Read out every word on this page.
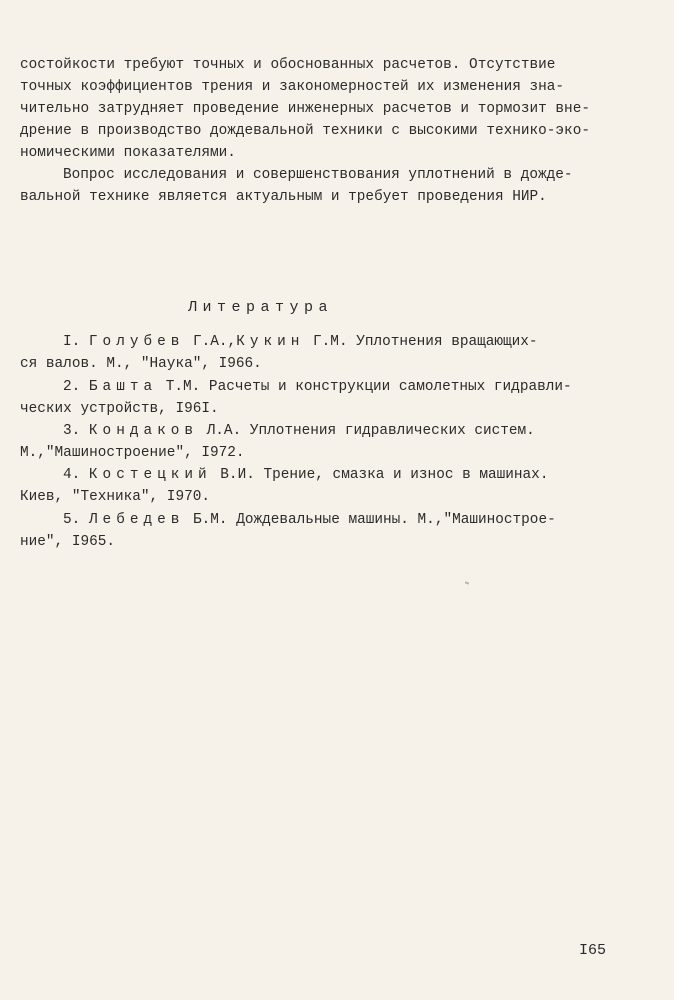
состойкости требуют точных и обоснованных расчетов. Отсутствие
точных коэффициентов трения и закономерностей их изменения зна-
чительно затрудняет проведение инженерных расчетов и тормозит вне-
дрение в производство дождевальной техники с высокими технико-эко-
номическими показателями.
Вопрос исследования и совершенствования уплотнений в дожде-
вальной технике является актуальным и требует проведения НИР.
Литература
I. Голубев Г.А.,Кукин Г.М. Уплотнения вращающих-
ся валов. М., "Наука", I966.
2. Башта Т.М. Расчеты и конструкции самолетных гидравли-
ческих устройств, I96I.
3. Кондаков Л.А. Уплотнения гидравлических систем.
М.,"Машиностроение", I972.
4. Костецкий В.И. Трение, смазка и износ в машинах.
Киев, "Техника", I970.
5. Лебедев Б.М. Дождевальные машины. М.,"Машинострое-
ние", I965.
I65
